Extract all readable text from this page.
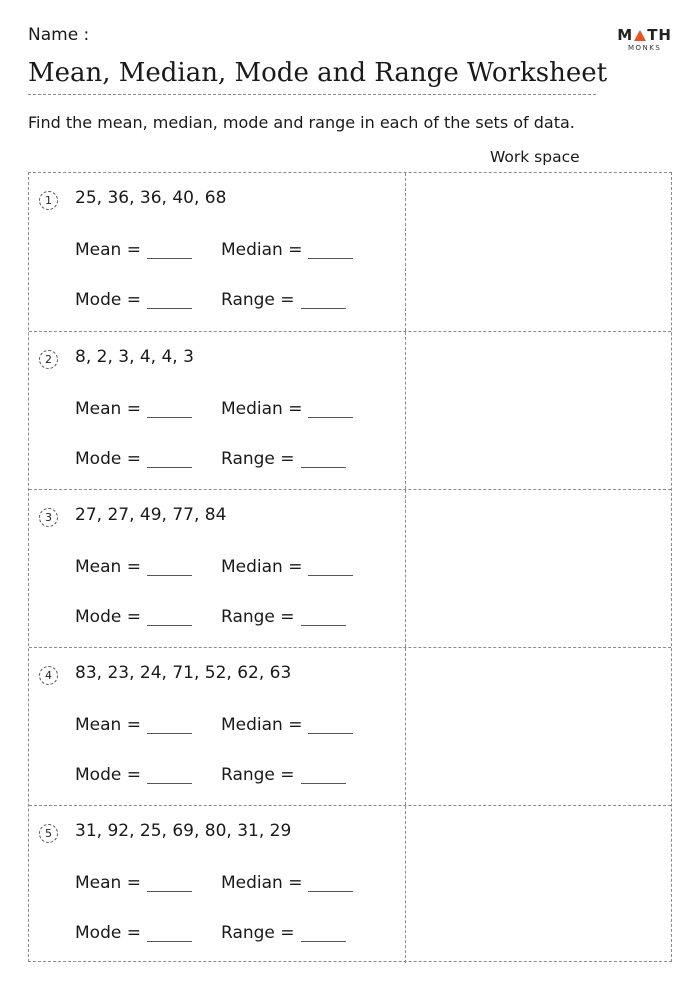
Name :	M TH
MONKS
Mean, Median, Mode and Range Worksheet
Find the mean, median, mode and range in each of the sets of data.
Work space
1	25, 36, 36, 40, 68
Mean =	Median =
Mode =	Range =
2	8, 2, 3, 4, 4, 3
Mean =	Median =
Mode =	Range =
3	27, 27, 49, 77, 84
Mean =	Median =
Mode =	Range =
4	83, 23, 24, 71, 52, 62, 63
Mean =	Median =
Mode =	Range =
5	31, 92, 25, 69, 80, 31, 29
Mean =	Median =
Mode =	Range =
